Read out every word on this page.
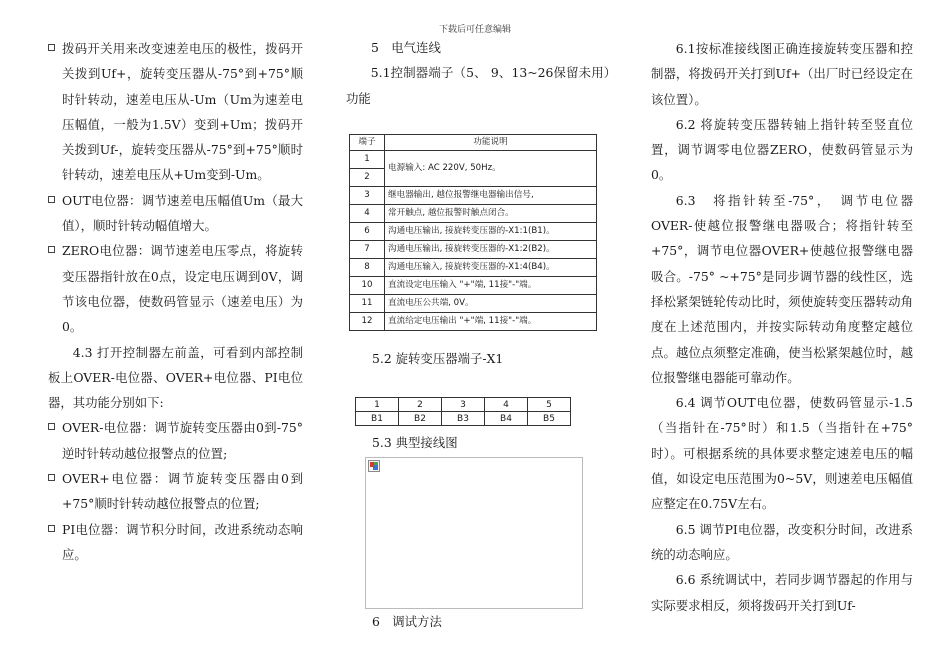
下载后可任意编辑
拨码开关用来改变速差电压的极性，拨码开关拨到Uf+，旋转变压器从-75°到+75°顺时针转动，速差电压从-Um（Um为速差电压幅值，一般为1.5V）变到+Um；拨码开关拨到Uf-，旋转变压器从-75°到+75°顺时针转动，速差电压从+Um变到-Um。
OUT电位器：调节速差电压幅值Um（最大值），顺时针转动幅值增大。
ZERO电位器：调节速差电压零点，将旋转变压器指针放在0点，设定电压调到0V，调节该电位器，使数码管显示（速差电压）为0。
4.3 打开控制器左前盖，可看到内部控制板上OVER-电位器、OVER+电位器、PI电位器，其功能分别如下:
OVER-电位器：调节旋转变压器由0到-75°逆时针转动越位报警点的位置;
OVER+电位器：调节旋转变压器由0到+75°顺时针转动越位报警点的位置;
PI电位器：调节积分时间，改进系统动态响应。
5　电气连线
5.1控制器端子（5、 9、13~26保留未用）功能
端子	功能说明
1	电源输入: AC 220V, 50Hz。
2	
3	继电器输出, 越位报警继电器输出信号,
4	常开触点, 越位报警时触点闭合。
6	沟通电压输出, 接旋转变压器的-X1:1(B1)。
7	沟通电压输出, 接旋转变压器的-X1:2(B2)。
8	沟通电压输入, 接旋转变压器的-X1:4(B4)。
10	直流设定电压输入 "+"端, 11接"-"端。
11	直流电压公共端, 0V。
12	直流给定电压输出 "+"端, 11接"-"端。
5.2 旋转变压器端子-X1
1	2	3	4	5
B1	B2	B3	B4	B5
5.3 典型接线图
6　调试方法
6.1按标准接线图正确连接旋转变压器和控制器，将拨码开关打到Uf+（出厂时已经设定在该位置）。
6.2 将旋转变压器转轴上指针转至竖直位置，调节调零电位器ZERO，使数码管显示为0。
6.3　将指针转至-75°，　调节电位器OVER-使越位报警继电器吸合；将指针转至+75°，调节电位器OVER+使越位报警继电器吸合。-75° ~+75°是同步调节器的线性区，选择松紧架链轮传动比时，须使旋转变压器转动角度在上述范围内，并按实际转动角度整定越位点。越位点须整定准确，使当松紧架越位时，越位报警继电器能可靠动作。
6.4 调节OUT电位器，使数码管显示-1.5（当指针在-75°时）和1.5（当指针在+75°时）。可根据系统的具体要求整定速差电压的幅值，如设定电压范围为0~5V，则速差电压幅值应整定在0.75V左右。
6.5 调节PI电位器，改变积分时间，改进系统的动态响应。
6.6 系统调试中，若同步调节器起的作用与实际要求相反，须将拨码开关打到Uf-
